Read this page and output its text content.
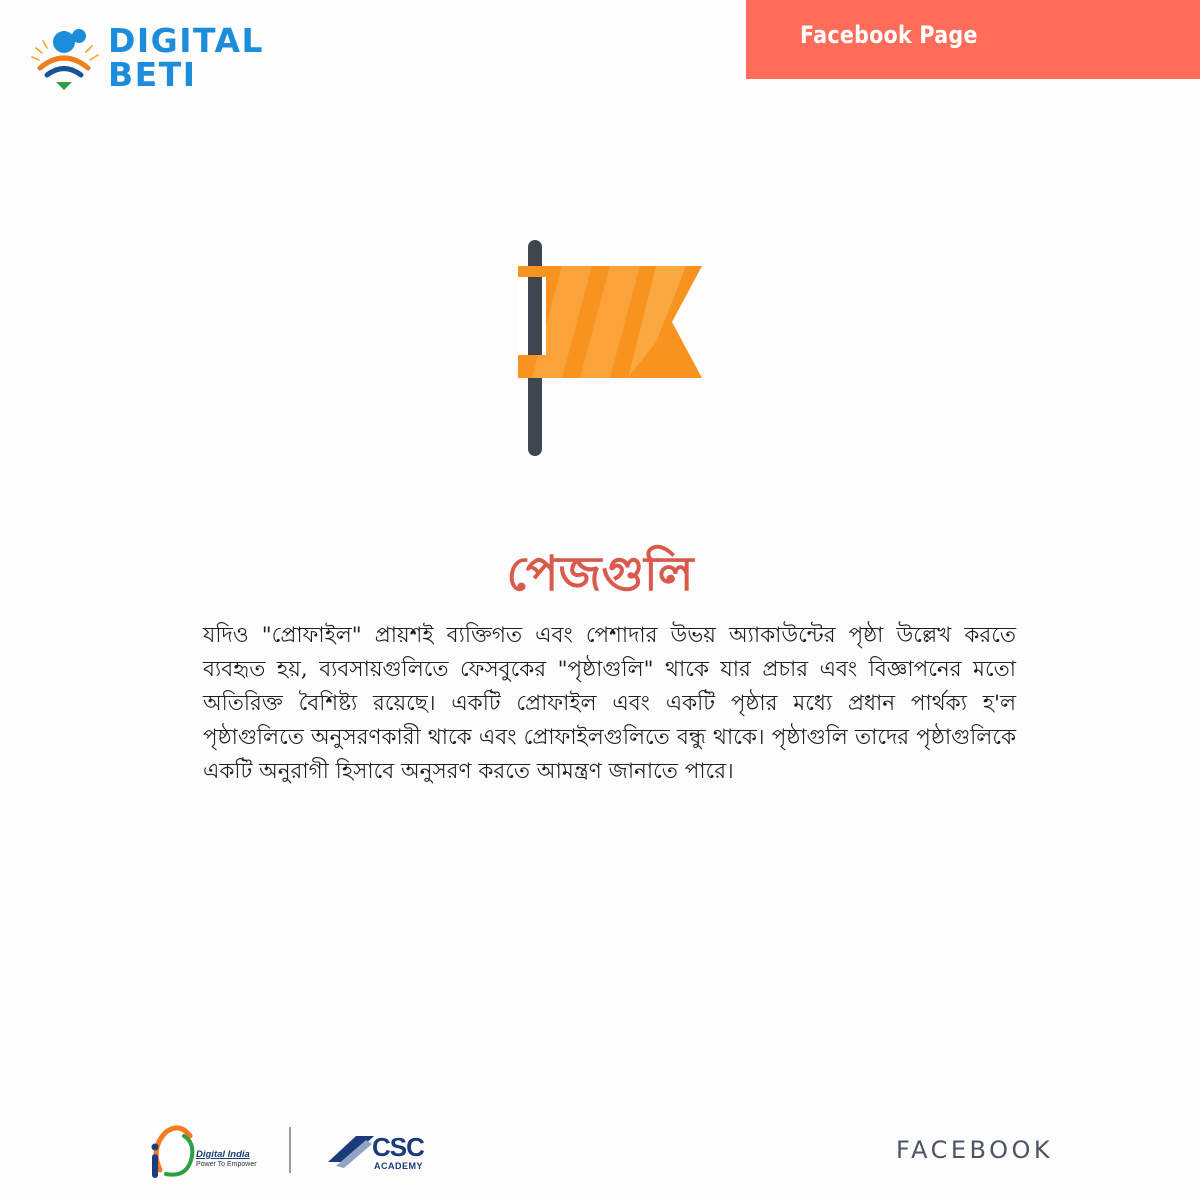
DIGITAL
BETI
Facebook Page
পেজগুলি

যদিও "প্রোফাইল" প্রায়শই ব্যক্তিগত এবং পেশাদার উভয় অ্যাকাউন্টের পৃষ্ঠা উল্লেখ করতে ব্যবহৃত হয়, ব্যবসায়গুলিতে ফেসবুকের "পৃষ্ঠাগুলি" থাকে যার প্রচার এবং বিজ্ঞাপনের মতো অতিরিক্ত বৈশিষ্ট্য রয়েছে। একটি প্রোফাইল এবং একটি পৃষ্ঠার মধ্যে প্রধান পার্থক্য হ'ল পৃষ্ঠাগুলিতে অনুসরণকারী থাকে এবং প্রোফাইলগুলিতে বন্ধু থাকে। পৃষ্ঠাগুলি তাদের পৃষ্ঠাগুলিকে একটি অনুরাগী হিসাবে অনুসরণ করতে আমন্ত্রণ জানাতে পারে।

Digital India
Power To Empower
CSC
ACADEMY
FACEBOOK
